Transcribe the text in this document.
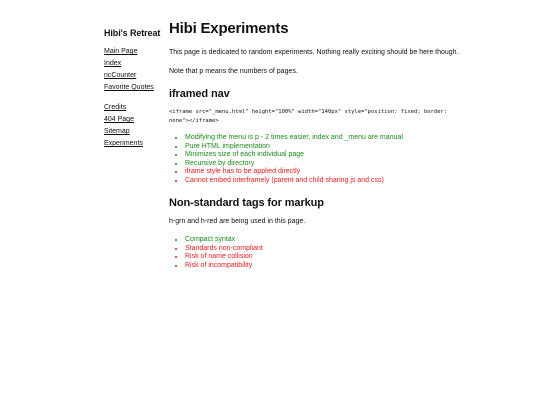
Hibi's Retreat
Main Page
Index
ncCounter
Favorite Quotes
Credits
404 Page
Sitemap
Experiments
Hibi Experiments

This page is dedicated to random experiments. Nothing really exciting should be here though.

Note that p means the numbers of pages.

iframed nav
<iframe src="_menu.html" height="100%" width="140px" style="position: fixed; border: none"></iframe>
• Modifying the menu is p - 2 times easier, index and _menu are manual
• Pure HTML implementation
• Minimizes size of each individual page
• Recursive by directory
• iframe style has to be applied directly
• Cannot embed interframely (parent and child sharing js and css)
Non-standard tags for markup

h-grn and h-red are being used in this page.

• Compact syntax
• Standards non-compliant
• Risk of name collision
• Risk of incompatibility
